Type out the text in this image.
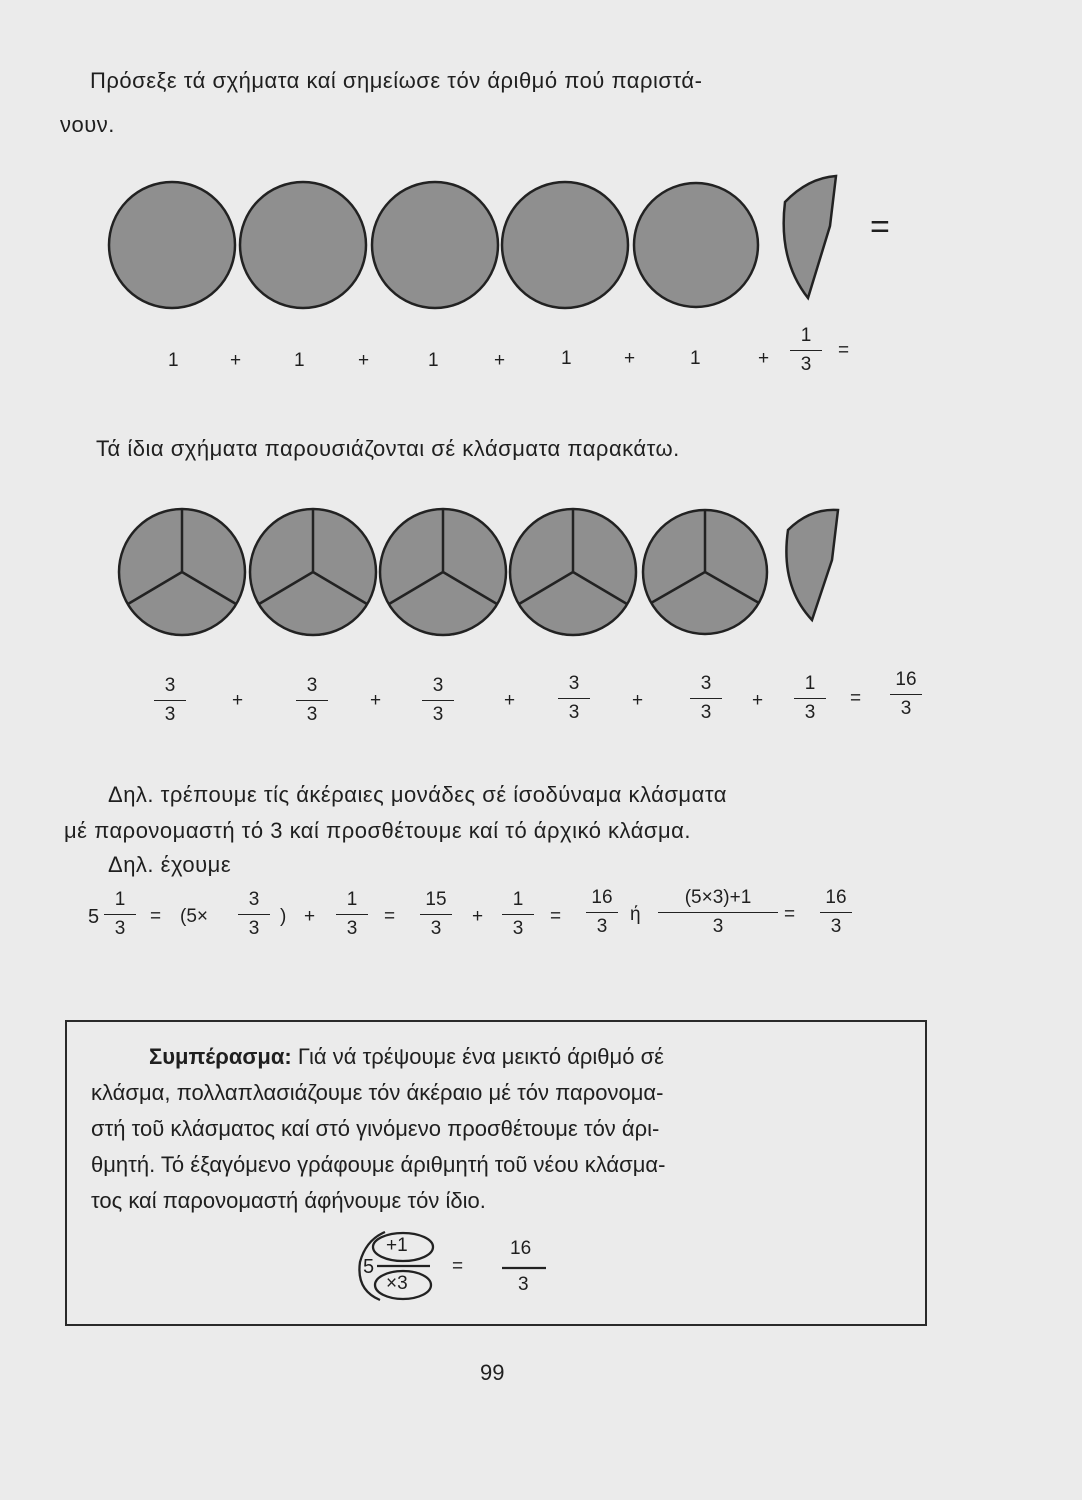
Πρόσεξε τά σχήματα καί σημείωσε τόν άριθμό πού παριστά-
νουν.
=
1	+	1	+	1	+	1	+	1	+
1
3
=
Τά ίδια σχήματα παρουσιάζονται σέ κλάσματα παρακάτω.
3
3
+
3
3
+
3
3
+
3
3
+
3
3
+
1
3
=
16
3
Δηλ. τρέπουμε τίς άκέραιες μονάδες σέ ίσοδύναμα κλάσματα
μέ παρονομαστή τό 3 καί προσθέτουμε καί τό άρχικό κλάσμα.
Δηλ. έχουμε
5
1
3
= (5×
3
3
) +
1
3
=
15
3
+
1
3
=
16
3
ή
(5×3)+1
3
=
16
3

Συμπέρασμα: Γιά νά τρέψουμε ένα μεικτό άριθμό σέ

κλάσμα, πολλαπλασιάζουμε τόν άκέραιο μέ τόν παρονομα-

στή τοῦ κλάσματος καί στό γινόμενο προσθέτουμε τόν άρι-

θμητή. Τό έξαγόμενο γράφουμε άριθμητή τοῦ νέου κλάσμα-

τος καί παρονομαστή άφήνουμε τόν ίδιο.

5
+1
×3
=
16
3
99
